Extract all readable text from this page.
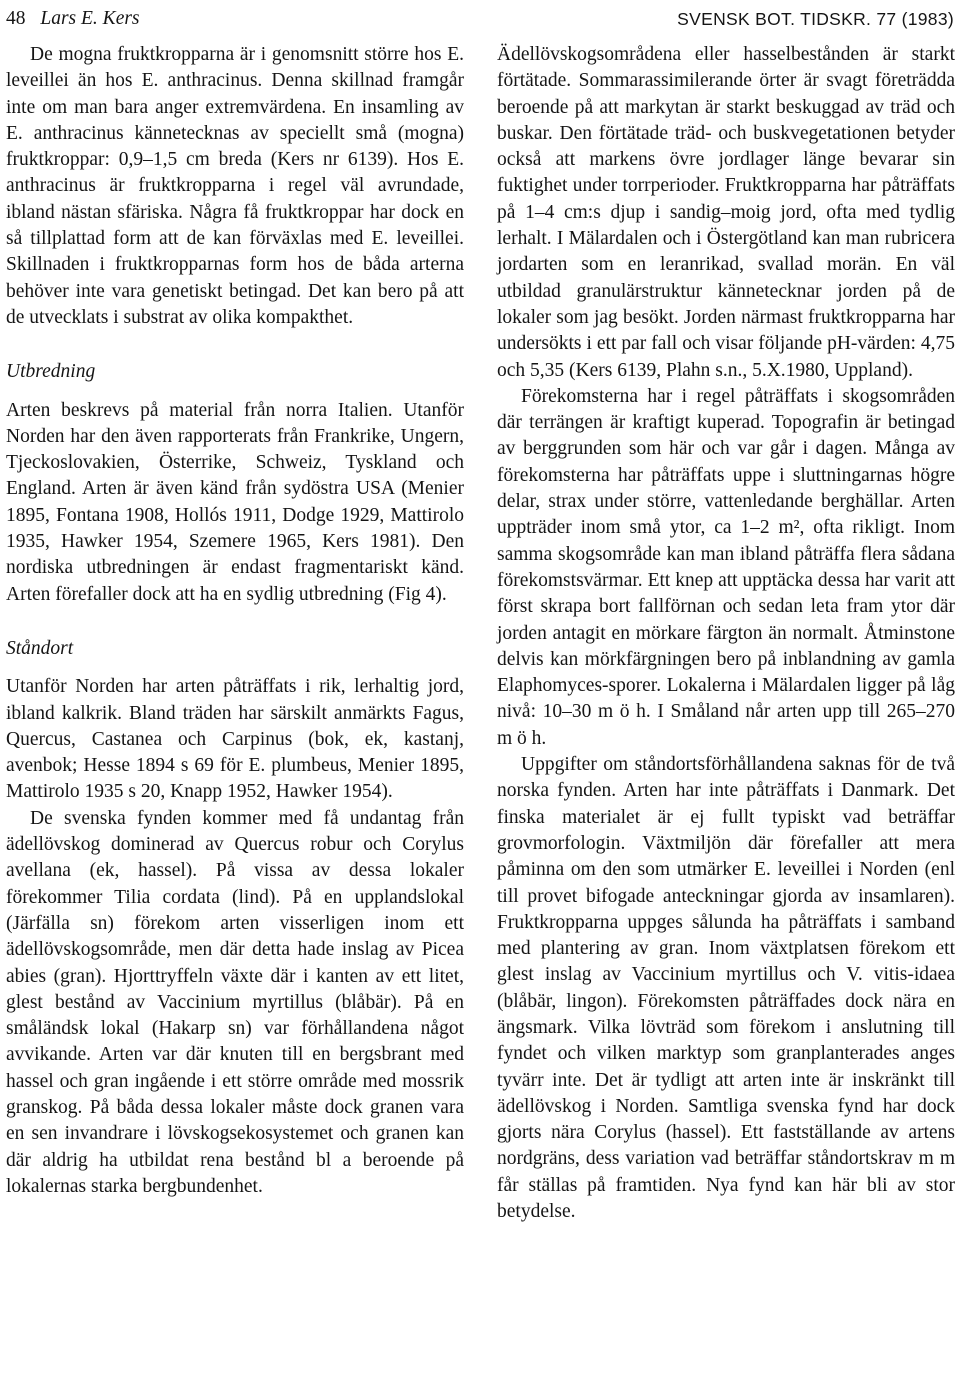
48 Lars E. Kers	SVENSK BOT. TIDSKR. 77 (1983)

De mogna fruktkropparna är i genomsnitt större hos E. leveillei än hos E. anthracinus. Denna skillnad framgår inte om man bara anger extremvärdena. En insamling av E. anthracinus kännetecknas av speciellt små (mogna) fruktkroppar: 0,9–1,5 cm breda (Kers nr 6139). Hos E. anthracinus är fruktkropparna i regel väl avrundade, ibland nästan sfäriska. Några få fruktkroppar har dock en så tillplattad form att de kan förväxlas med E. leveillei. Skillnaden i fruktkropparnas form hos de båda arterna behöver inte vara genetiskt betingad. Det kan bero på att de utvecklats i substrat av olika kompakthet.

Utbredning

Arten beskrevs på material från norra Italien. Utanför Norden har den även rapporterats från Frankrike, Ungern, Tjeckoslovakien, Österrike, Schweiz, Tyskland och England. Arten är även känd från sydöstra USA (Menier 1895, Fontana 1908, Hollós 1911, Dodge 1929, Mattirolo 1935, Hawker 1954, Szemere 1965, Kers 1981). Den nordiska utbredningen är endast fragmentariskt känd. Arten förefaller dock att ha en sydlig utbredning (Fig 4).

Ståndort

Utanför Norden har arten påträffats i rik, lerhaltig jord, ibland kalkrik. Bland träden har särskilt anmärkts Fagus, Quercus, Castanea och Carpinus (bok, ek, kastanj, avenbok; Hesse 1894 s 69 för E. plumbeus, Menier 1895, Mattirolo 1935 s 20, Knapp 1952, Hawker 1954).

De svenska fynden kommer med få undantag från ädellövskog dominerad av Quercus robur och Corylus avellana (ek, hassel). På vissa av dessa lokaler förekommer Tilia cordata (lind). På en upplandslokal (Järfälla sn) förekom arten visserligen inom ett ädellövskogsområde, men där detta hade inslag av Picea abies (gran). Hjorttryffeln växte där i kanten av ett litet, glest bestånd av Vaccinium myrtillus (blåbär). På en småländsk lokal (Hakarp sn) var förhållandena något avvikande. Arten var där knuten till en bergsbrant med hassel och gran ingående i ett större område med mossrik granskog. På båda dessa lokaler måste dock granen vara en sen invandrare i lövskogsekosystemet och granen kan där aldrig ha utbildat rena bestånd bl a beroende på lokalernas starka bergbundenhet.

Ädellövskogsområdena eller hasselbestånden är starkt förtätade. Sommarassimilerande örter är svagt företrädda beroende på att markytan är starkt beskuggad av träd och buskar. Den förtätade träd- och buskvegetationen betyder också att markens övre jordlager länge bevarar sin fuktighet under torrperioder. Fruktkropparna har påträffats på 1–4 cm:s djup i sandig–moig jord, ofta med tydlig lerhalt. I Mälardalen och i Östergötland kan man rubricera jordarten som en leranrikad, svallad morän. En väl utbildad granulärstruktur kännetecknar jorden på de lokaler som jag besökt. Jorden närmast fruktkropparna har undersökts i ett par fall och visar följande pH-värden: 4,75 och 5,35 (Kers 6139, Plahn s.n., 5.X.1980, Uppland).

Förekomsterna har i regel påträffats i skogsområden där terrängen är kraftigt kuperad. Topografin är betingad av berggrunden som här och var går i dagen. Många av förekomsterna har påträffats uppe i sluttningarnas högre delar, strax under större, vattenledande berghällar. Arten uppträder inom små ytor, ca 1–2 m², ofta rikligt. Inom samma skogsområde kan man ibland påträffa flera sådana förekomstsvärmar. Ett knep att upptäcka dessa har varit att först skrapa bort fallförnan och sedan leta fram ytor där jorden antagit en mörkare färgton än normalt. Åtminstone delvis kan mörkfärgningen bero på inblandning av gamla Elaphomyces-sporer. Lokalerna i Mälardalen ligger på låg nivå: 10–30 m ö h. I Småland når arten upp till 265–270 m ö h.

Uppgifter om ståndortsförhållandena saknas för de två norska fynden. Arten har inte påträffats i Danmark. Det finska materialet är ej fullt typiskt vad beträffar grovmorfologin. Växtmiljön där förefaller att mera påminna om den som utmärker E. leveillei i Norden (enl till provet bifogade anteckningar gjorda av insamlaren). Fruktkropparna uppges sålunda ha påträffats i samband med plantering av gran. Inom växtplatsen förekom ett glest inslag av Vaccinium myrtillus och V. vitis-idaea (blåbär, lingon). Förekomsten påträffades dock nära en ängsmark. Vilka lövträd som förekom i anslutning till fyndet och vilken marktyp som granplanterades anges tyvärr inte. Det är tydligt att arten inte är inskränkt till ädellövskog i Norden. Samtliga svenska fynd har dock gjorts nära Corylus (hassel). Ett fastställande av artens nordgräns, dess variation vad beträffar ståndortskrav m m får ställas på framtiden. Nya fynd kan här bli av stor betydelse.
